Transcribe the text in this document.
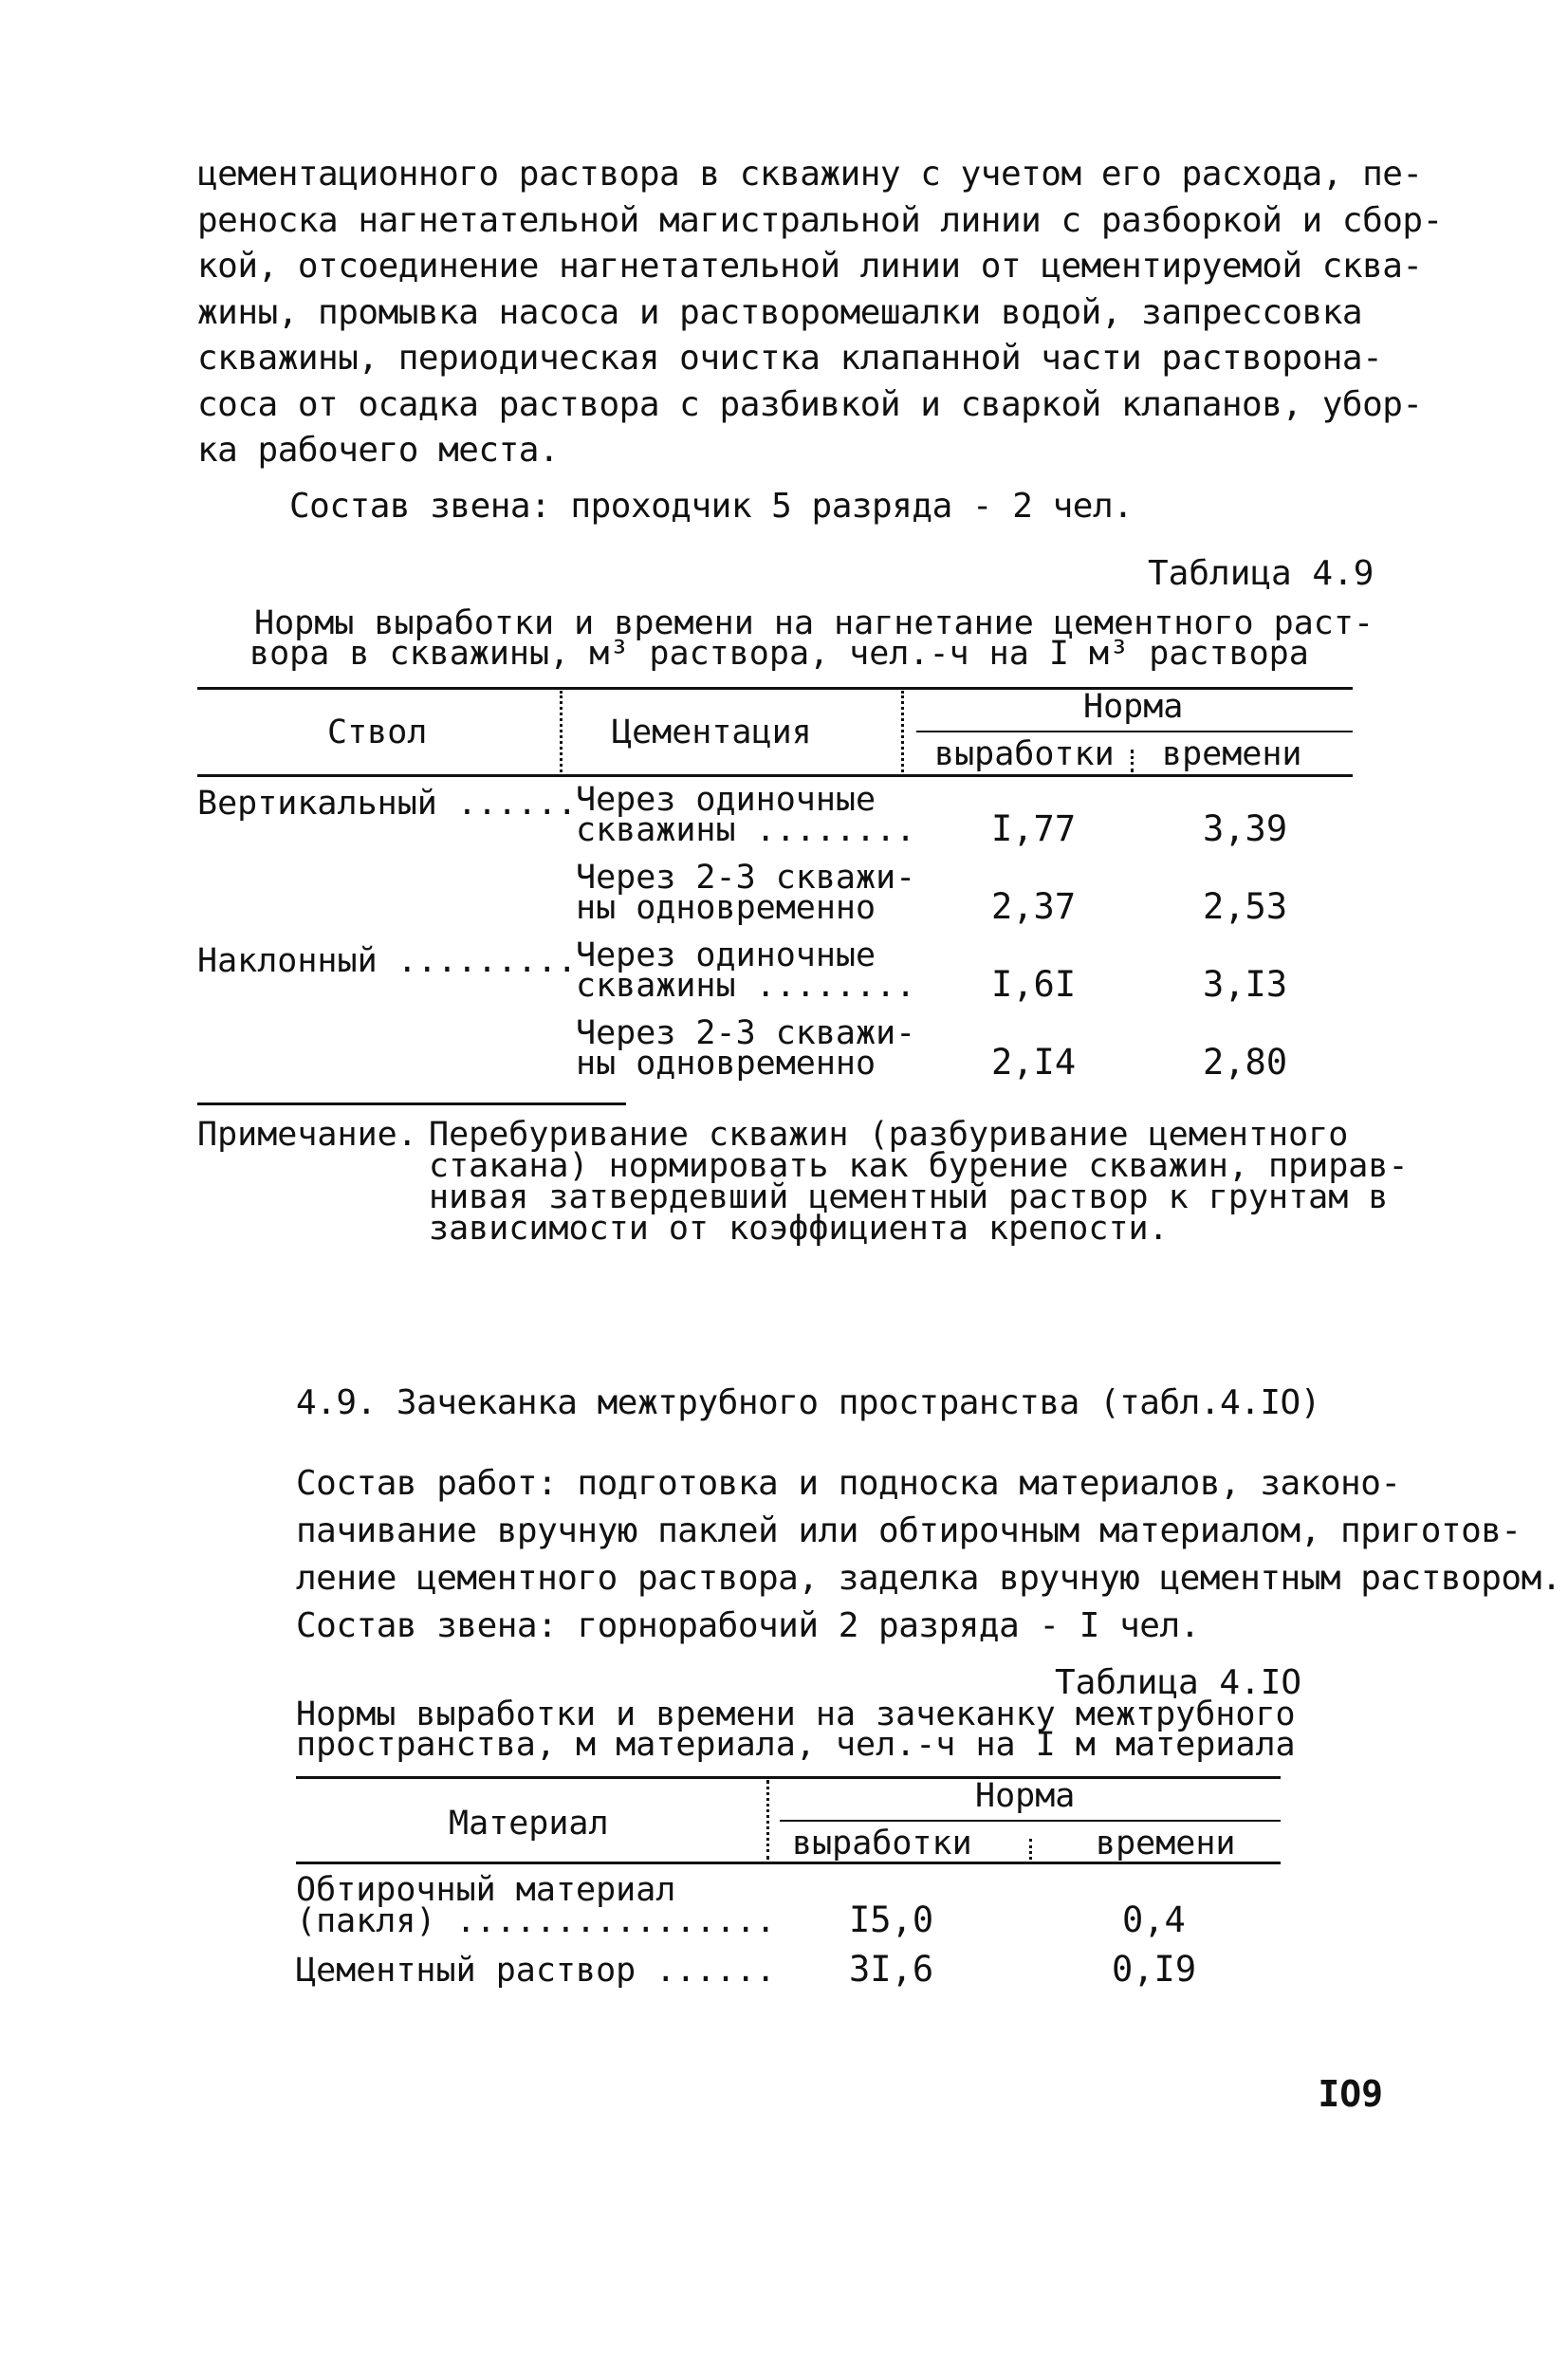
цементационного раствора в скважину с учетом его расхода, пе-
реноска нагнетательной магистральной линии с разборкой и сбор-
кой, отсоединение нагнетательной линии от цементируемой сква-
жины, промывка насоса и растворомешалки водой, запрессовка
скважины, периодическая очистка клапанной части растворона-
соса от осадка раствора с разбивкой и сваркой клапанов, убор-
ка рабочего места.
Состав звена: проходчик 5 разряда - 2 чел.
Таблица 4.9
Нормы выработки и времени на нагнетание цементного раст-
вора в скважины, м³ раствора, чел.-ч на I м³ раствора
Ствол	Цементация
Норма
выработки времени
Вертикальный ......
Через одиночные
скважины ........ I,77	3,39
Через 2-3 скважи-
ны одновременно	2,37	2,53
Наклонный .........
Через одиночные
скважины ........ I,6I	3,I3
Через 2-3 скважи-
ны одновременно	2,I4	2,80
Примечание. Перебуривание скважин (разбуривание цементного
стакана) нормировать как бурение скважин, прирав-
нивая затвердевший цементный раствор к грунтам в
зависимости от коэффициента крепости.
4.9. Зачеканка межтрубного пространства (табл.4.IO)
Состав работ: подготовка и подноска материалов, законо-
пачивание вручную паклей или обтирочным материалом, приготов-
ление цементного раствора, заделка вручную цементным раствором.
Состав звена: горнорабочий 2 разряда - I чел.
Таблица 4.IO
Нормы выработки и времени на зачеканку межтрубного
пространства, м материала, чел.-ч на I м материала
Материал
Норма
выработки	времени
Обтирочный материал
(пакля) ................ I5,0	0,4
Цементный раствор ...... 3I,6	0,I9
IO9
